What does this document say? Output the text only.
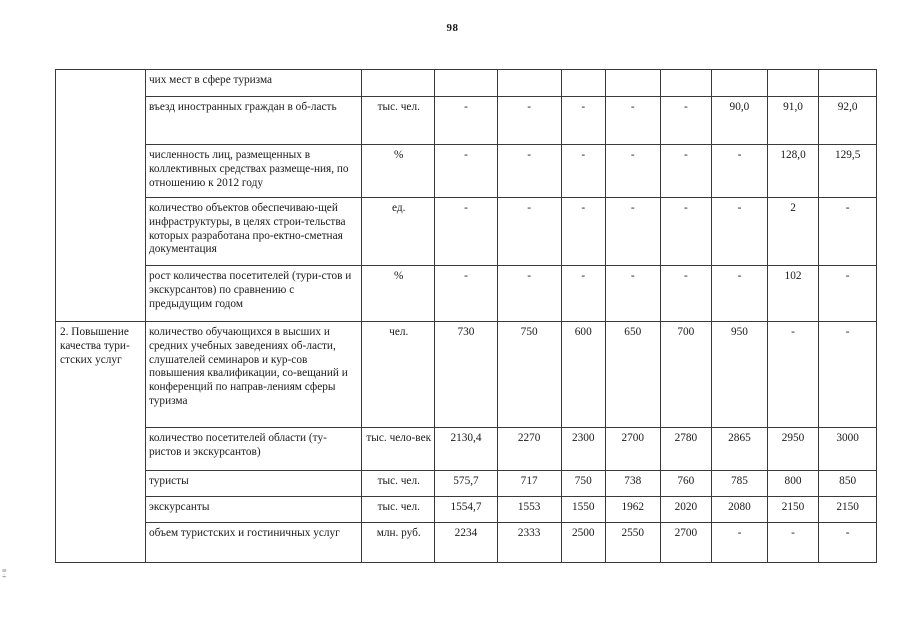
98
	чих мест в сфере туризма									
	въезд иностранных граждан в об-ласть	тыс. чел.	-	-	-	-	-	90,0	91,0	92,0
	численность лиц, размещенных в коллективных средствах размеще-ния, по отношению к 2012 году	%	-	-	-	-	-	-	128,0	129,5
	количество объектов обеспечиваю-щей инфраструктуры, в целях строи-тельства которых разработана про-ектно-сметная документация	ед.	-	-	-	-	-	-	2	-
	рост количества посетителей (тури-стов и экскурсантов) по сравнению с предыдущим годом	%	-	-	-	-	-	-	102	-
2. Повышение качества тури-стских услуг	количество обучающихся в высших и средних учебных заведениях об-ласти, слушателей семинаров и кур-сов повышения квалификации, со-вещаний и конференций по направ-лениям сферы туризма	чел.	730	750	600	650	700	950	-	-
	количество посетителей области (ту-ристов и экскурсантов)	тыс. чело-век	2130,4	2270	2300	2700	2780	2865	2950	3000
	туристы	тыс. чел.	575,7	717	750	738	760	785	800	850
	экскурсанты	тыс. чел.	1554,7	1553	1550	1962	2020	2080	2150	2150
	объем туристских и гостиничных услуг	млн. руб.	2234	2333	2500	2550	2700	-	-	-
≡ ÷
